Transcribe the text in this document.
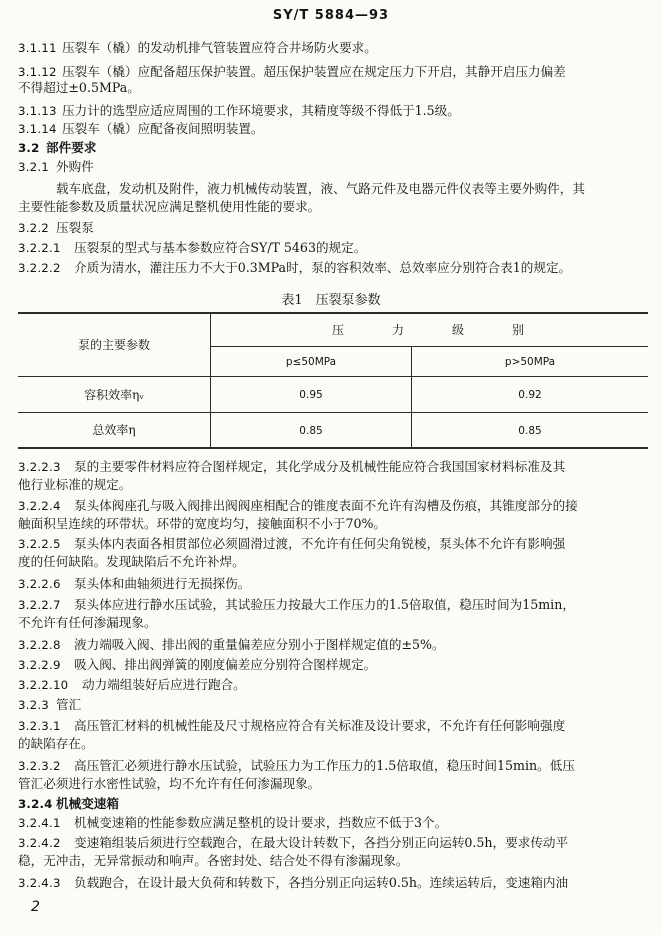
SY/T 5884—93
3.1.11 压裂车（橇）的发动机排气管装置应符合井场防火要求。
3.1.12 压裂车（橇）应配备超压保护装置。超压保护装置应在规定压力下开启，其静开启压力偏差
不得超过±0.5MPa。
3.1.13 压力计的选型应适应周围的工作环境要求，其精度等级不得低于1.5级。
3.1.14 压裂车（橇）应配备夜间照明装置。
3.2 部件要求
3.2.1 外购件
载车底盘，发动机及附件，液力机械传动装置，液、气路元件及电器元件仪表等主要外购件，其
主要性能参数及质量状况应满足整机使用性能的要求。
3.2.2 压裂泵
3.2.2.1 压裂泵的型式与基本参数应符合SY/T 5463的规定。
3.2.2.2 介质为清水，灌注压力不大于0.3MPa时，泵的容积效率、总效率应分别符合表1的规定。
表1　压裂泵参数
泵的主要参数	压　　　力　　　级　　　别	
	p≤50MPa	p>50MPa
容积效率ηᵥ	0.95	0.92
总效率η	0.85	0.85
3.2.2.3 泵的主要零件材料应符合图样规定，其化学成分及机械性能应符合我国国家材料标准及其
他行业标准的规定。
3.2.2.4 泵头体阀座孔与吸入阀排出阀阀座相配合的锥度表面不允许有沟槽及伤痕，其锥度部分的接
触面积呈连续的环带状。环带的宽度均匀，接触面积不小于70%。
3.2.2.5 泵头体内表面各相贯部位必须圆滑过渡，不允许有任何尖角锐棱，泵头体不允许有影响强
度的任何缺陷。发现缺陷后不允许补焊。
3.2.2.6 泵头体和曲轴须进行无损探伤。
3.2.2.7 泵头体应进行静水压试验，其试验压力按最大工作压力的1.5倍取值，稳压时间为15min，
不允许有任何渗漏现象。
3.2.2.8 液力端吸入阀、排出阀的重量偏差应分别小于图样规定值的±5%。
3.2.2.9 吸入阀、排出阀弹簧的刚度偏差应分别符合图样规定。
3.2.2.10 动力端组装好后应进行跑合。
3.2.3 管汇
3.2.3.1 高压管汇材料的机械性能及尺寸规格应符合有关标准及设计要求，不允许有任何影响强度
的缺陷存在。
3.2.3.2 高压管汇必须进行静水压试验，试验压力为工作压力的1.5倍取值，稳压时间15min。低压
管汇必须进行水密性试验，均不允许有任何渗漏现象。
3.2.4 机械变速箱
3.2.4.1 机械变速箱的性能参数应满足整机的设计要求，挡数应不低于3个。
3.2.4.2 变速箱组装后须进行空载跑合，在最大设计转数下，各挡分别正向运转0.5h，要求传动平
稳，无冲击，无异常振动和响声。各密封处、结合处不得有渗漏现象。
3.2.4.3 负载跑合，在设计最大负荷和转数下，各挡分别正向运转0.5h。连续运转后，变速箱内油
2
